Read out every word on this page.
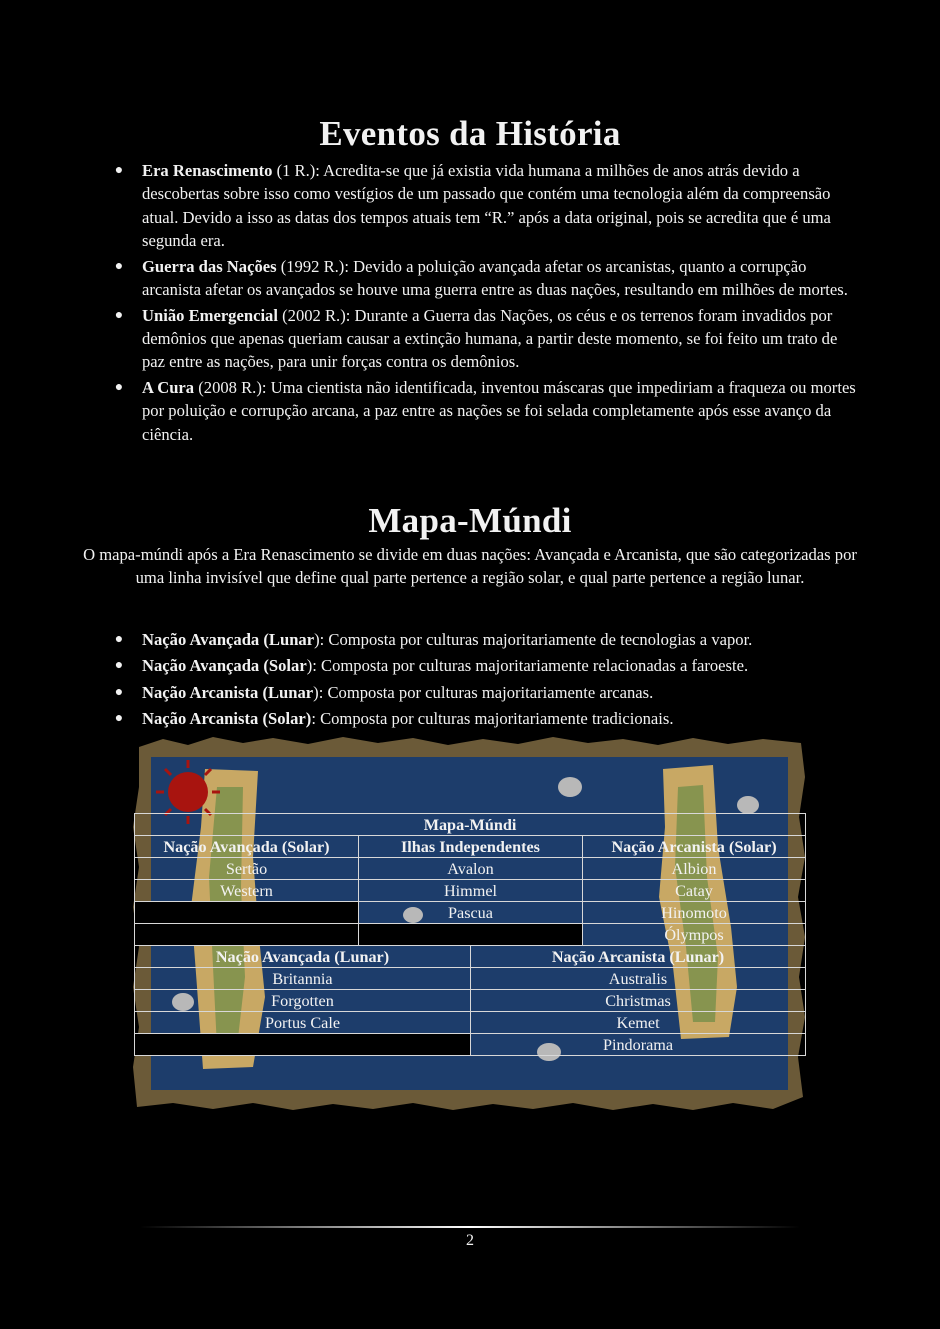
Eventos da História
● Era Renascimento (1 R.): Acredita-se que já existia vida humana a milhões de anos atrás devido a descobertas sobre isso como vestígios de um passado que contém uma tecnologia além da compreensão atual. Devido a isso as datas dos tempos atuais tem “R.” após a data original, pois se acredita que é uma segunda era.
● Guerra das Nações (1992 R.): Devido a poluição avançada afetar os arcanistas, quanto a corrupção arcanista afetar os avançados se houve uma guerra entre as duas nações, resultando em milhões de mortes.
● União Emergencial (2002 R.): Durante a Guerra das Nações, os céus e os terrenos foram invadidos por demônios que apenas queriam causar a extinção humana, a partir deste momento, se foi feito um trato de paz entre as nações, para unir forças contra os demônios.
● A Cura (2008 R.): Uma cientista não identificada, inventou máscaras que impediriam a fraqueza ou mortes por poluição e corrupção arcana, a paz entre as nações se foi selada completamente após esse avanço da ciência.
Mapa-Múndi
O mapa-múndi após a Era Renascimento se divide em duas nações: Avançada e Arcanista, que são categorizadas por uma linha invisível que define qual parte pertence a região solar, e qual parte pertence a região lunar.
● Nação Avançada (Lunar): Composta por culturas majoritariamente de tecnologias a vapor.
● Nação Avançada (Solar): Composta por culturas majoritariamente relacionadas a faroeste.
● Nação Arcanista (Lunar): Composta por culturas majoritariamente arcanas.
● Nação Arcanista (Solar): Composta por culturas majoritariamente tradicionais.
Mapa-Múndi			
Nação Avançada (Solar)	Ilhas Independentes		Nação Arcanista (Solar)
Sertão	Avalon		Albion
Western	Himmel		Catay
	Pascua		Hinomoto
			Ólympos
Nação Avançada (Lunar)		Nação Arcanista (Lunar)	
Britannia		Australis	
Forgotten		Christmas	
Portus Cale		Kemet	
		Pindorama	
2
